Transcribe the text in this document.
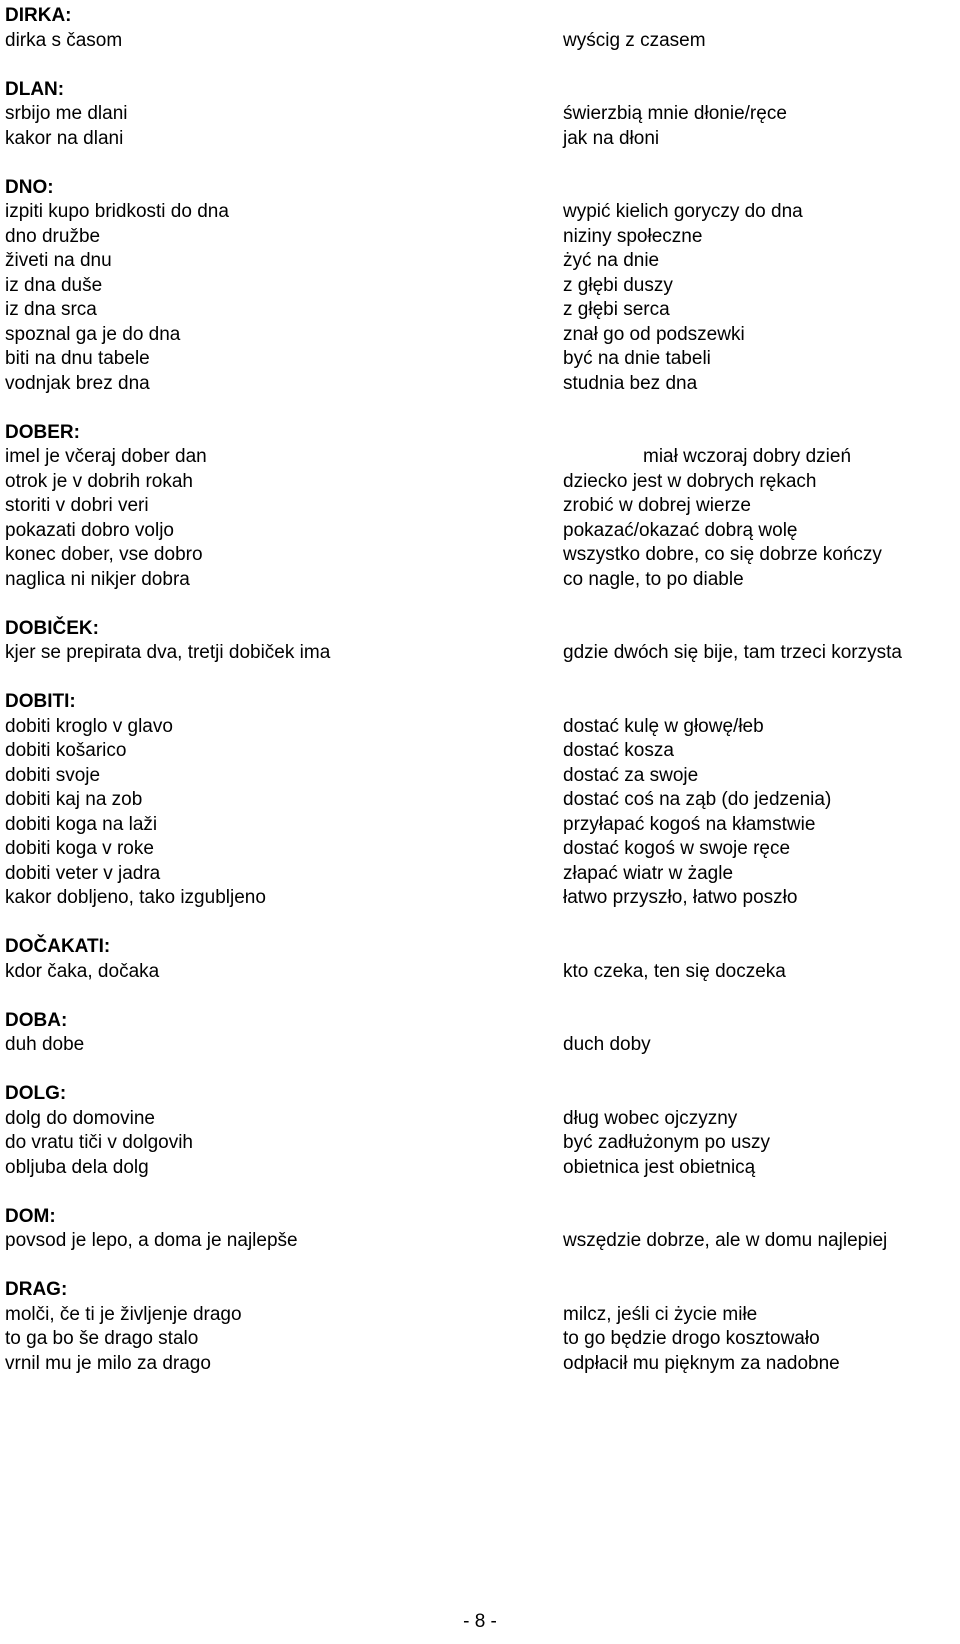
DIRKA:
dirka s časom	wyścig z czasem
DLAN:
srbijo me dlani	świerzbią mnie dłonie/ręce
kakor na dlani	jak na dłoni
DNO:
izpiti kupo bridkosti do dna	wypić kielich goryczy do dna
dno družbe	niziny społeczne
živeti na dnu	żyć na dnie
iz dna duše	z głębi duszy
iz dna srca	z głębi serca
spoznal ga je do dna	znał go od podszewki
biti na dnu tabele	być na dnie tabeli
vodnjak brez dna	studnia bez dna
DOBER:
imel je včeraj dober dan	miał wczoraj dobry dzień
otrok je v dobrih rokah	dziecko jest w dobrych rękach
storiti v dobri veri	zrobić w dobrej wierze
pokazati dobro voljo	pokazać/okazać dobrą wolę
konec dober, vse dobro	wszystko dobre, co się dobrze kończy
naglica ni nikjer dobra	co nagle, to po diable
DOBIČEK:
kjer se prepirata dva, tretji dobiček ima	gdzie dwóch się bije, tam trzeci korzysta
DOBITI:
dobiti kroglo v glavo	dostać kulę w głowę/łeb
dobiti košarico	dostać kosza
dobiti svoje	dostać za swoje
dobiti kaj na zob	dostać coś na ząb (do jedzenia)
dobiti koga na laži	przyłapać kogoś na kłamstwie
dobiti koga v roke	dostać kogoś w swoje ręce
dobiti veter v jadra	złapać wiatr w żagle
kakor dobljeno, tako izgubljeno	łatwo przyszło, łatwo poszło
DOČAKATI:
kdor čaka, dočaka	kto czeka, ten się doczeka
DOBA:
duh dobe	duch doby
DOLG:
dolg do domovine	dług wobec ojczyzny
do vratu tiči v dolgovih	być zadłużonym po uszy
obljuba dela dolg	obietnica jest obietnicą
DOM:
povsod je lepo, a doma je najlepše	wszędzie dobrze, ale w domu najlepiej
DRAG:
molči, če ti je življenje drago	milcz, jeśli ci życie miłe
to ga bo še drago stalo	to go będzie drogo kosztowało
vrnil mu je milo za drago	odpłacił mu pięknym za nadobne
- 8 -
